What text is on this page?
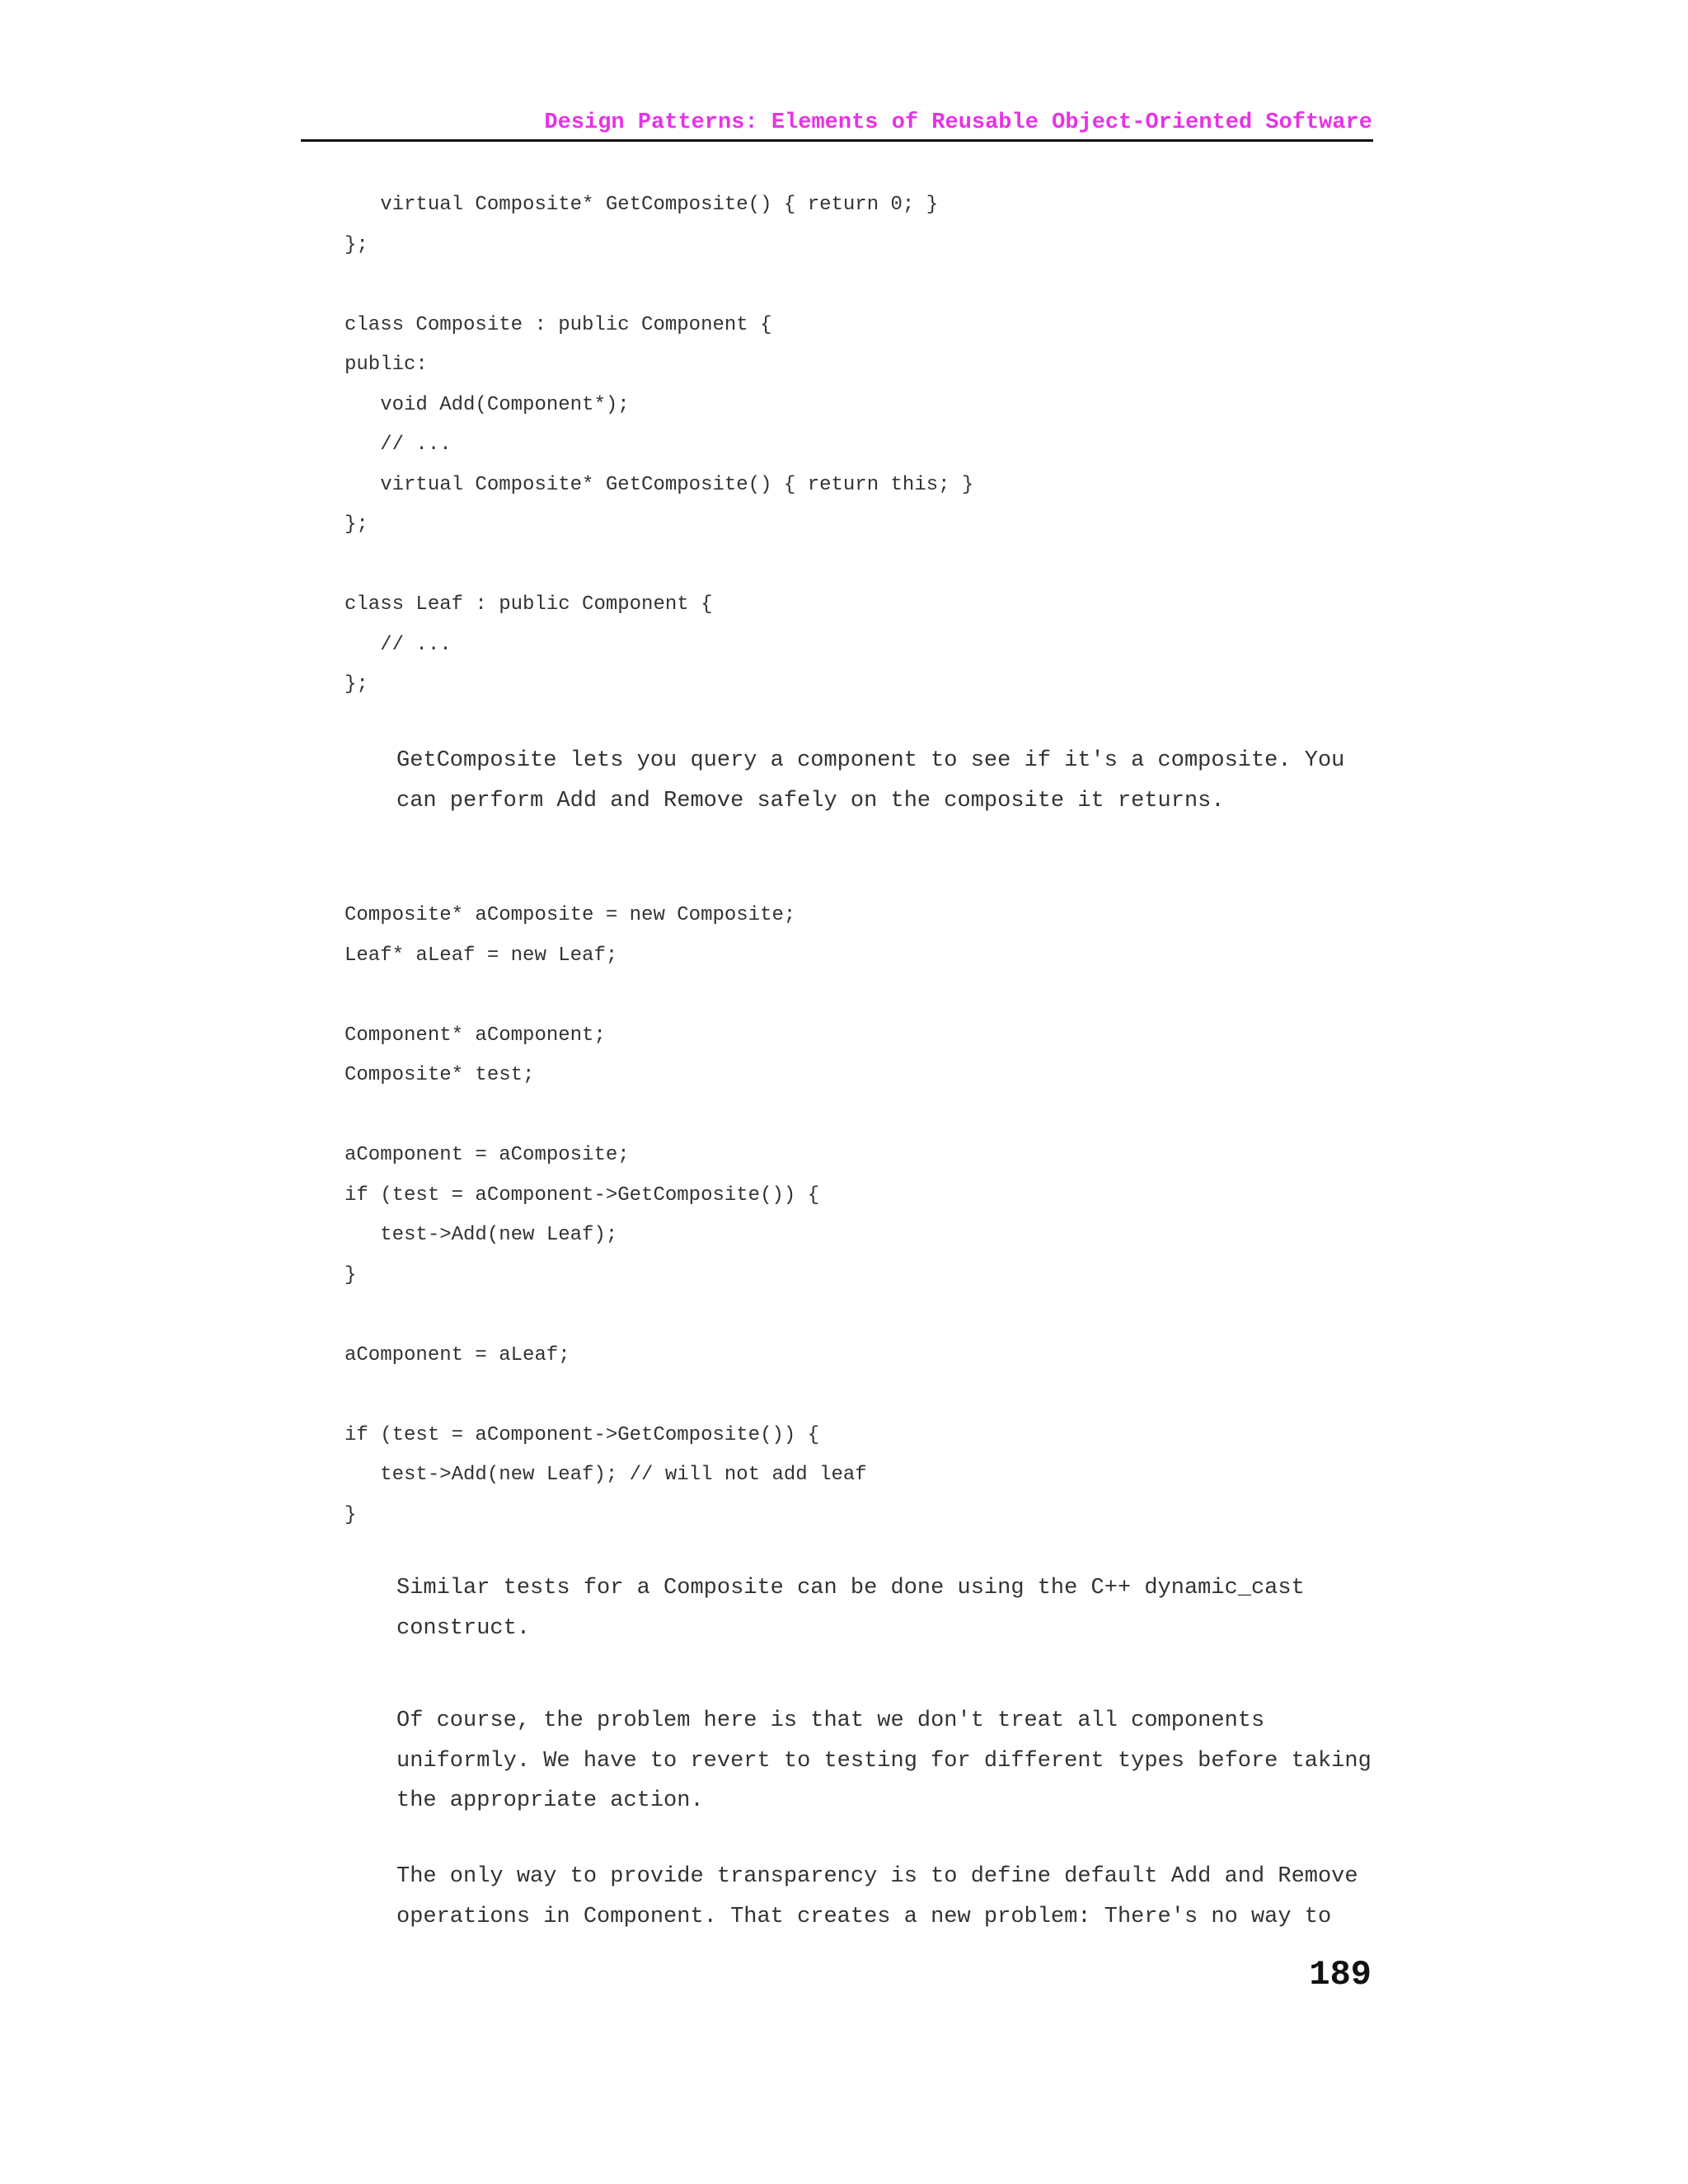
Design Patterns: Elements of Reusable Object-Oriented Software
virtual Composite* GetComposite() { return 0; }
};
class Composite : public Component {
public:
void Add(Component*);
// ...
virtual Composite* GetComposite() { return this; }
};
class Leaf : public Component {
// ...
};

GetComposite lets you query a component to see if it's a composite. You can perform Add and Remove safely on the composite it returns.

Composite* aComposite = new Composite;
Leaf* aLeaf = new Leaf;
Component* aComponent;
Composite* test;
aComponent = aComposite;
if (test = aComponent->GetComposite()) {
test->Add(new Leaf);
}
aComponent = aLeaf;
if (test = aComponent->GetComposite()) {
test->Add(new Leaf); // will not add leaf
}

Similar tests for a Composite can be done using the C++ dynamic_cast construct.

Of course, the problem here is that we don't treat all components uniformly. We have to revert to testing for different types before taking the appropriate action.

The only way to provide transparency is to define default Add and Remove operations in Component. That creates a new problem: There's no way to

189
